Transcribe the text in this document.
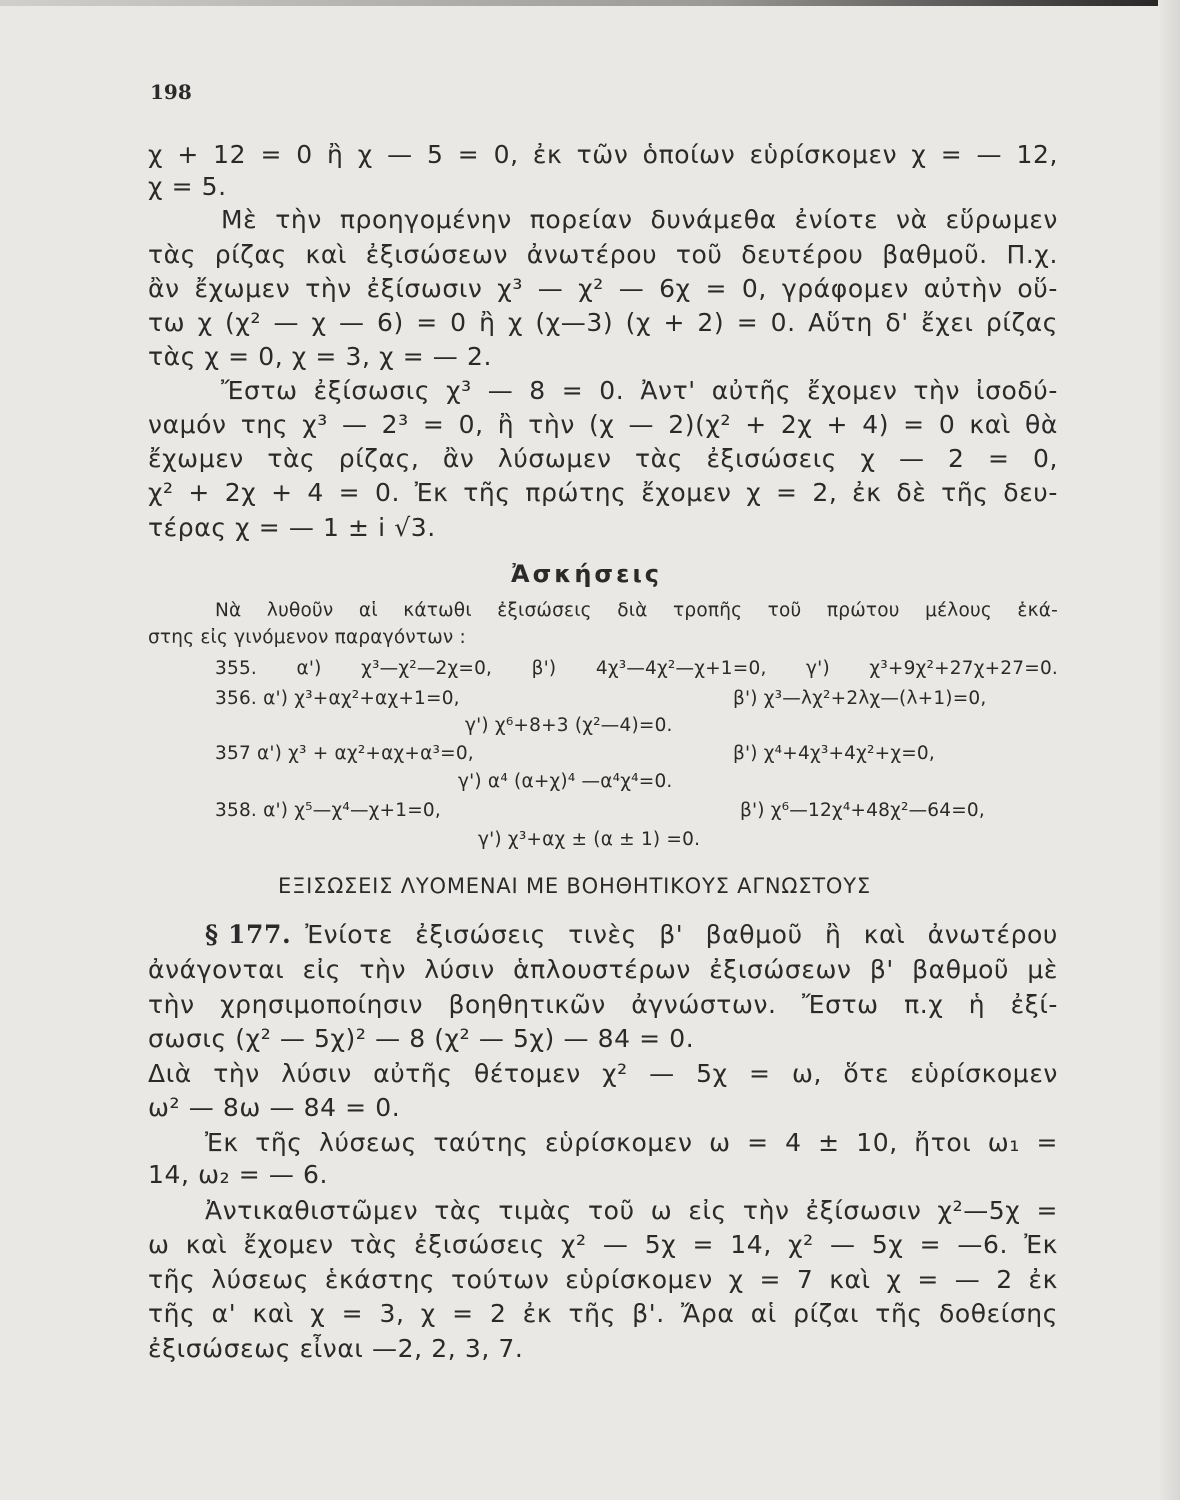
198
χ + 12 = 0 ἢ χ — 5 = 0, ἐκ τῶν ὁποίων εὑρίσκομεν χ = — 12,
χ = 5.
Μὲ τὴν προηγομένην πορείαν δυνάμεθα ἐνίοτε νὰ εὕρωμεν
τὰς ρίζας καὶ ἐξισώσεων ἀνωτέρου τοῦ δευτέρου βαθμοῦ. Π.χ.
ἂν ἔχωμεν τὴν ἐξίσωσιν χ³ — χ² — 6χ = 0, γράφομεν αὐτὴν οὕ-
τω χ (χ² — χ — 6) = 0 ἢ χ (χ—3) (χ + 2) = 0. Αὕτη δ' ἔχει ρίζας
τὰς χ = 0, χ = 3, χ = — 2.
Ἔστω ἐξίσωσις χ³ — 8 = 0. Ἀντ' αὐτῆς ἔχομεν τὴν ἰσοδύ-
ναμόν της χ³ — 2³ = 0, ἢ τὴν (χ — 2)(χ² + 2χ + 4) = 0 καὶ θὰ
ἔχωμεν τὰς ρίζας, ἂν λύσωμεν τὰς ἐξισώσεις χ — 2 = 0,
χ² + 2χ + 4 = 0. Ἐκ τῆς πρώτης ἔχομεν χ = 2, ἐκ δὲ τῆς δευ-
τέρας χ = — 1 ± i √3.
Ἀσκήσεις
Νὰ λυθοῦν αἱ κάτωθι ἐξισώσεις διὰ τροπῆς τοῦ πρώτου μέλους ἑκά-
στης εἰς γινόμενον παραγόντων :
355. α') χ³—χ²—2χ=0, β') 4χ³—4χ²—χ+1=0, γ') χ³+9χ²+27χ+27=0.
356. α') χ³+αχ²+αχ+1=0,	β') χ³—λχ²+2λχ—(λ+1)=0,
γ') χ⁶+8+3 (χ²—4)=0.
357 α') χ³ + αχ²+αχ+α³=0,	β') χ⁴+4χ³+4χ²+χ=0,
γ') α⁴ (α+χ)⁴ —α⁴χ⁴=0.
358. α') χ⁵—χ⁴—χ+1=0,	β') χ⁶—12χ⁴+48χ²—64=0,
γ') χ³+αχ ± (α ± 1) =0.
ΕΞΙΣΩΣΕΙΣ ΛΥΟΜΕΝΑΙ ΜΕ ΒΟΗΘΗΤΙΚΟΥΣ ΑΓΝΩΣΤΟΥΣ
§ 177. Ἐνίοτε ἐξισώσεις τινὲς β' βαθμοῦ ἢ καὶ ἀνωτέρου
ἀνάγονται εἰς τὴν λύσιν ἁπλουστέρων ἐξισώσεων β' βαθμοῦ μὲ
τὴν χρησιμοποίησιν βοηθητικῶν ἀγνώστων. Ἔστω π.χ ἡ ἐξί-
σωσις (χ² — 5χ)² — 8 (χ² — 5χ) — 84 = 0.
Διὰ τὴν λύσιν αὐτῆς θέτομεν χ² — 5χ = ω, ὅτε εὑρίσκομεν
ω² — 8ω — 84 = 0.
Ἐκ τῆς λύσεως ταύτης εὑρίσκομεν ω = 4 ± 10, ἤτοι ω₁ =
14, ω₂ = — 6.
Ἀντικαθιστῶμεν τὰς τιμὰς τοῦ ω εἰς τὴν ἐξίσωσιν χ²—5χ =
ω καὶ ἔχομεν τὰς ἐξισώσεις χ² — 5χ = 14, χ² — 5χ = —6. Ἐκ
τῆς λύσεως ἑκάστης τούτων εὑρίσκομεν χ = 7 καὶ χ = — 2 ἐκ
τῆς α' καὶ χ = 3, χ = 2 ἐκ τῆς β'. Ἄρα αἱ ρίζαι τῆς δοθείσης
ἐξισώσεως εἶναι —2, 2, 3, 7.
